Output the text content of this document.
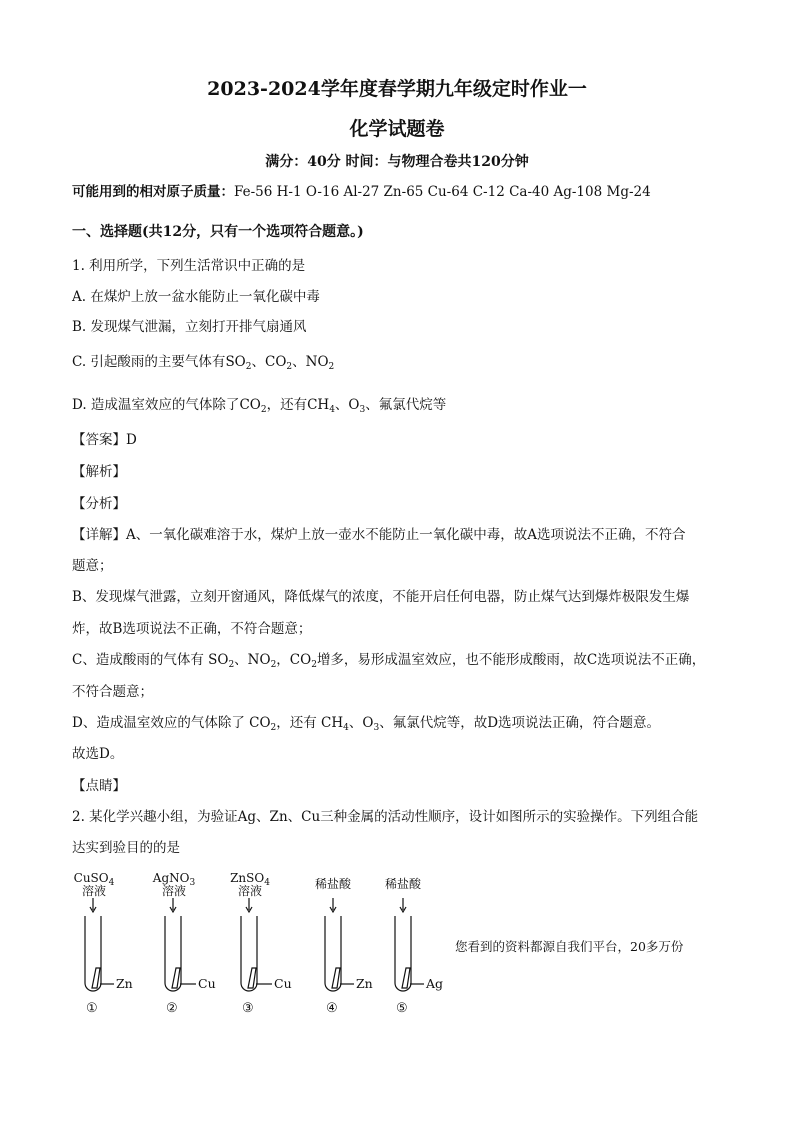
2023-2024学年度春学期九年级定时作业一
化学试题卷
满分：40分 时间：与物理合卷共120分钟
可能用到的相对原子质量：Fe-56 H-1 O-16 Al-27 Zn-65 Cu-64 C-12 Ca-40 Ag-108 Mg-24
一、选择题(共12分，只有一个选项符合题意。)
1. 利用所学，下列生活常识中正确的是
A. 在煤炉上放一盆水能防止一氧化碳中毒
B. 发现煤气泄漏，立刻打开排气扇通风
C. 引起酸雨的主要气体有$SO_2$、$CO_2$、$NO_2$
D. 造成温室效应的气体除了$CO_2$，还有$CH_4$、$O_3$、氟氯代烷等
【答案】D
【解析】
【分析】
【详解】A、一氧化碳难溶于水，煤炉上放一壶水不能防止一氧化碳中毒，故A选项说法不正确，不符合
题意；
B、发现煤气泄露，立刻开窗通风，降低煤气的浓度，不能开启任何电器，防止煤气达到爆炸极限发生爆
炸，故B选项说法不正确，不符合题意；
C、造成酸雨的气体有 $SO_2$、$NO_2$，$CO_2$增多，易形成温室效应，也不能形成酸雨，故C选项说法不正确，
不符合题意；
D、造成温室效应的气体除了 $CO_2$，还有 $CH_4$、$O_3$、氟氯代烷等，故D选项说法正确，符合题意。
故选D。
【点睛】
2. 某化学兴趣小组，为验证Ag、Zn、Cu三种金属的活动性顺序，设计如图所示的实验操作。下列组合能
达实到验目的的是
CuSO$_4$
溶液
AgNO$_3$
溶液
ZnSO$_4$
溶液	稀盐酸	稀盐酸
Zn	Cu	Cu	Zn	Ag
①	②	③	④	⑤
您看到的资料都源自我们平台，20多万份
